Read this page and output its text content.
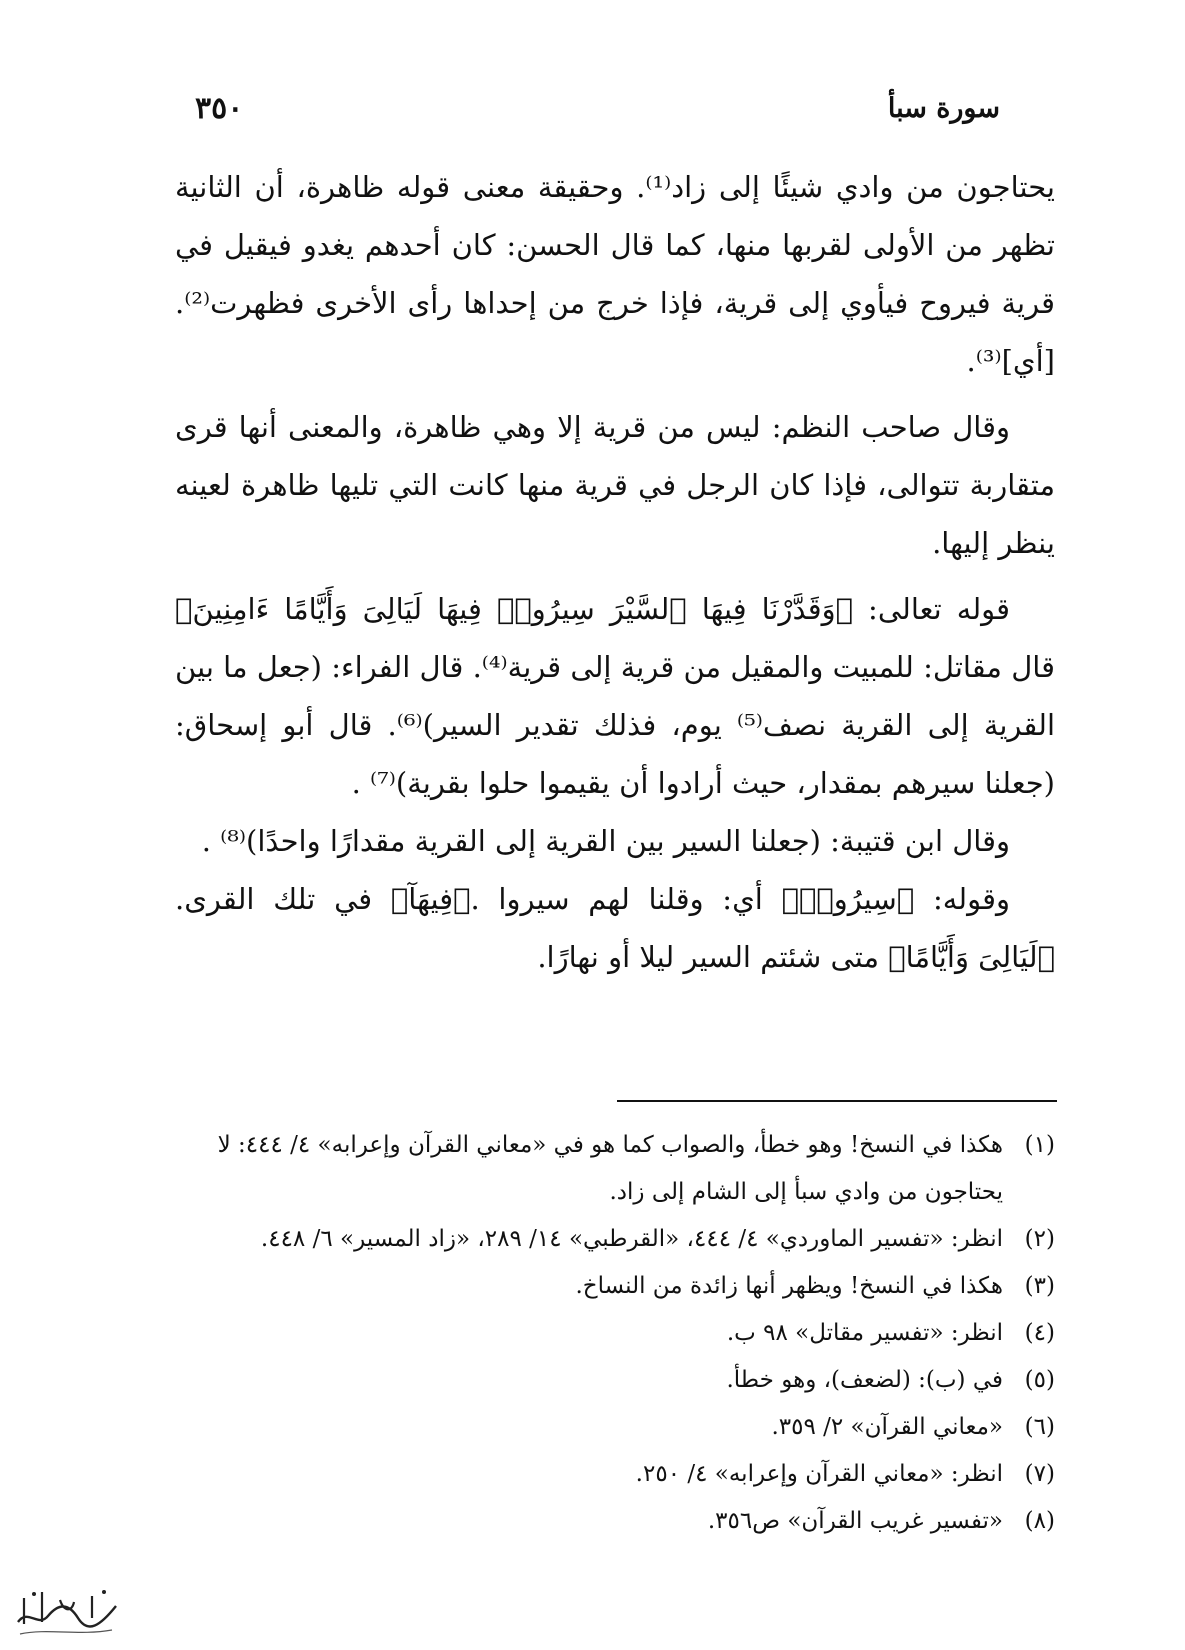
٣٥٠	سورة سبأ

يحتاجون من وادي شيئًا إلى زاد⁽¹⁾. وحقيقة معنى قوله ظاهرة، أن الثانية تظهر من الأولى لقربها منها، كما قال الحسن: كان أحدهم يغدو فيقيل في قرية فيروح فيأوي إلى قرية، فإذا خرج من إحداها رأى الأخرى فظهرت⁽²⁾. [أي]⁽³⁾.

وقال صاحب النظم: ليس من قرية إلا وهي ظاهرة، والمعنى أنها قرى متقاربة تتوالى، فإذا كان الرجل في قرية منها كانت التي تليها ظاهرة لعينه ينظر إليها.

قوله تعالى: ﴿وَقَدَّرْنَا فِيهَا ٱلسَّيْرَ سِيرُوا۟ فِيهَا لَيَالِىَ وَأَيَّامًا ءَامِنِينَ﴾ قال مقاتل: للمبيت والمقيل من قرية إلى قرية⁽⁴⁾. قال الفراء: (جعل ما بين القرية إلى القرية نصف⁽⁵⁾ يوم، فذلك تقدير السير)⁽⁶⁾. قال أبو إسحاق: (جعلنا سيرهم بمقدار، حيث أرادوا أن يقيموا حلوا بقرية)⁽⁷⁾ .

وقال ابن قتيبة: (جعلنا السير بين القرية إلى القرية مقدارًا واحدًا)⁽⁸⁾ .

وقوله: ﴿سِيرُوا۟﴾ أي: وقلنا لهم سيروا .﴿فِيهَآ﴾ في تلك القرى. ﴿لَيَالِىَ وَأَيَّامًا﴾ متى شئتم السير ليلا أو نهارًا.

(١)
هكذا في النسخ! وهو خطأ، والصواب كما هو في «معاني القرآن وإعرابه» ٤/ ٤٤٤: لا يحتاجون من وادي سبأ إلى الشام إلى زاد.
(٢)
انظر: «تفسير الماوردي» ٤/ ٤٤٤، «القرطبي» ١٤/ ٢٨٩، «زاد المسير» ٦/ ٤٤٨.
(٣)
هكذا في النسخ! ويظهر أنها زائدة من النساخ.
(٤)
انظر: «تفسير مقاتل» ٩٨ ب.
(٥)
في (ب): (لضعف)، وهو خطأ.
(٦)
«معاني القرآن» ٢/ ٣٥٩.
(٧)
انظر: «معاني القرآن وإعرابه» ٤/ ٢٥٠.
(٨)
«تفسير غريب القرآن» ص٣٥٦.
